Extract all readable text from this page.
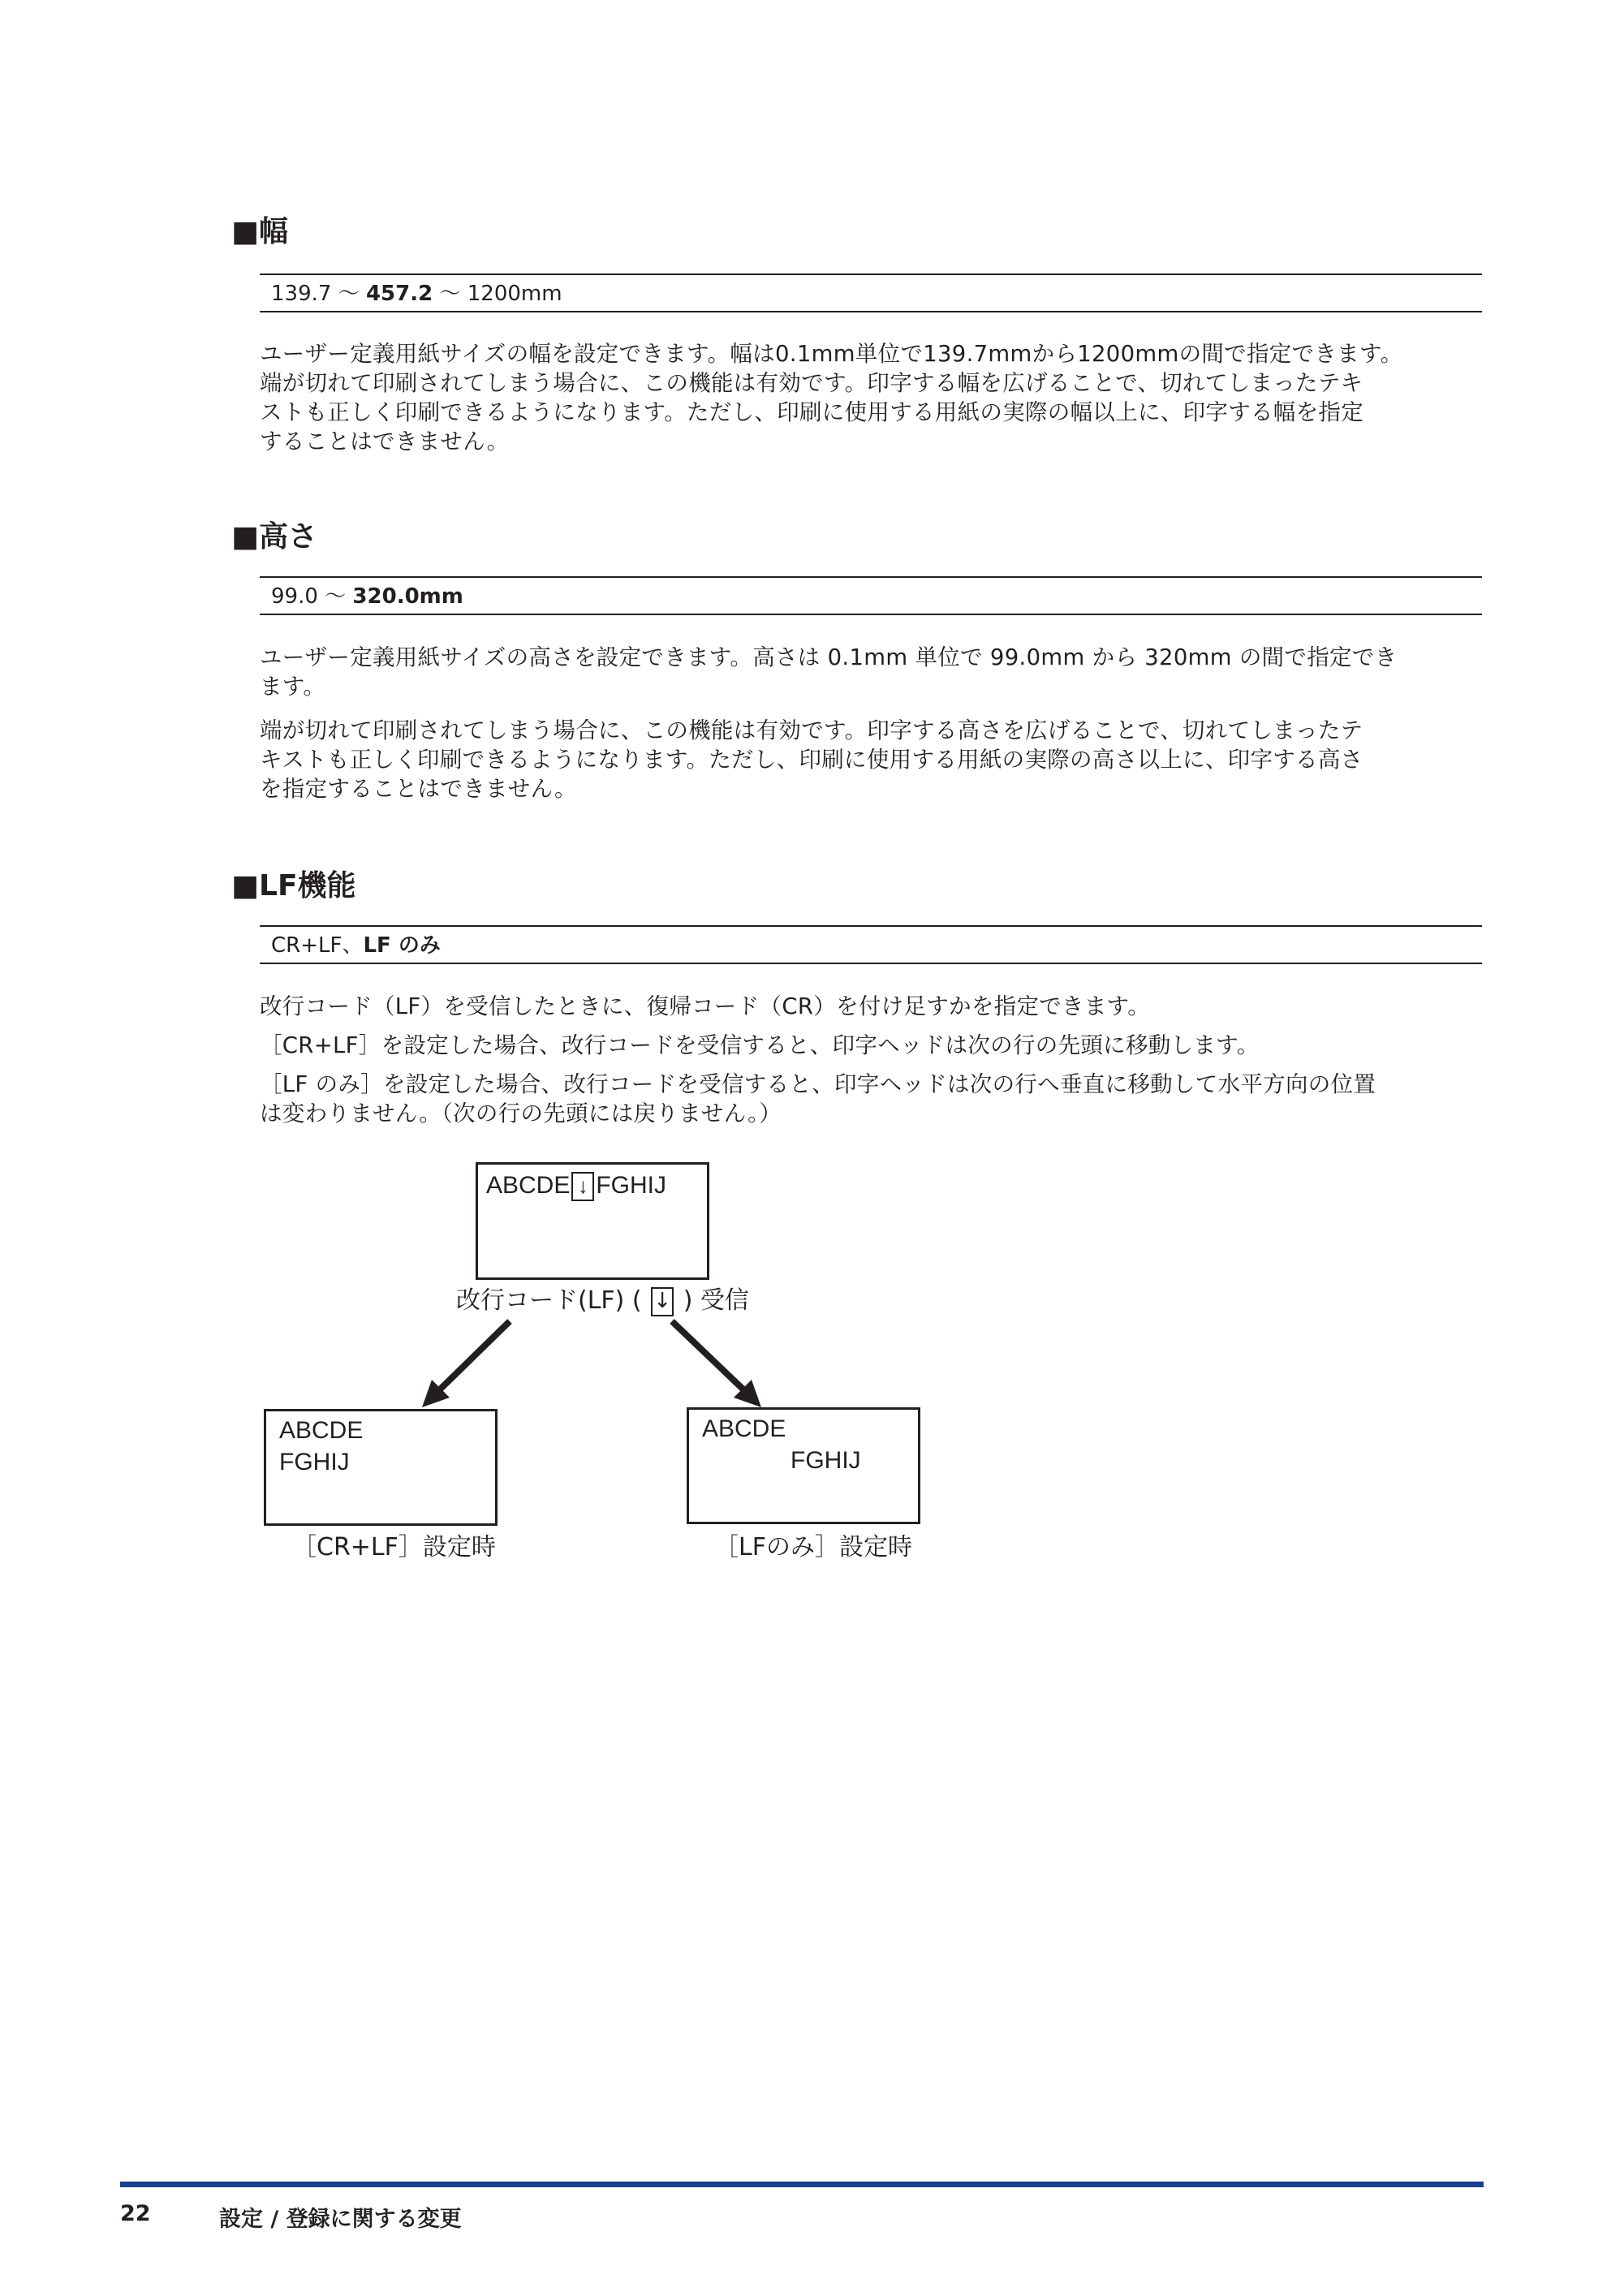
■幅
139.7 〜 457.2 〜 1200mm
ユーザー定義用紙サイズの幅を設定できます。幅は0.1mm単位で139.7mmから1200mmの間で指定できます。
端が切れて印刷されてしまう場合に、この機能は有効です。印字する幅を広げることで、切れてしまったテキ
ストも正しく印刷できるようになります。ただし、印刷に使用する用紙の実際の幅以上に、印字する幅を指定
することはできません。
■高さ
99.0 〜 320.0mm
ユーザー定義用紙サイズの高さを設定できます。高さは 0.1mm 単位で 99.0mm から 320mm の間で指定でき
ます。
端が切れて印刷されてしまう場合に、この機能は有効です。印字する高さを広げることで、切れてしまったテ
キストも正しく印刷できるようになります。ただし、印刷に使用する用紙の実際の高さ以上に、印字する高さ
を指定することはできません。
■LF機能
CR+LF、LF のみ

改行コード（LF）を受信したときに、復帰コード（CR）を付け足すかを指定できます。

［CR+LF］を設定した場合、改行コードを受信すると、印字ヘッドは次の行の先頭に移動します。

［LF のみ］を設定した場合、改行コードを受信すると、印字ヘッドは次の行へ垂直に移動して水平方向の位置
は変わりません。（次の行の先頭には戻りません。）
ABCDE ↓ FGHIJ
改行コード(LF) ( ↓ ) 受信
ABCDE
FGHIJ
［CR+LF］設定時
ABCDE
FGHIJ
［LFのみ］設定時
22	設定 / 登録に関する変更
